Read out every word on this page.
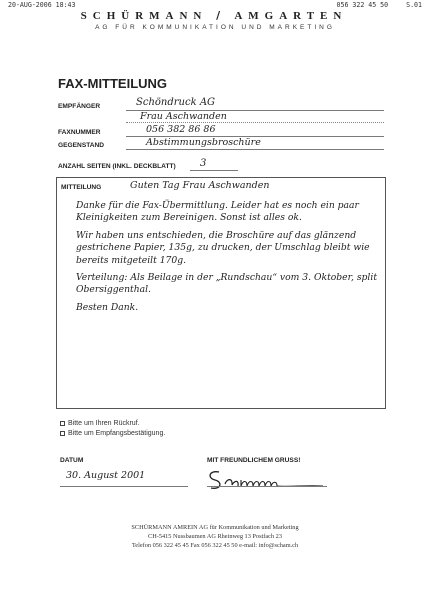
20-AUG-2006 18:43	056 322 45 50	S.01
SCHÜRMANN / AMGARTEN
AG FÜR KOMMUNIKATION UND MARKETING
FAX-MITTEILUNG
EMPFÄNGER	Schöndruck AG
Frau Aschwanden
FAXNUMMER	056 382 86 86
GEGENSTAND	Abstimmungsbroschüre
ANZAHL SEITEN (INKL. DECKBLATT) 3
MITTEILUNG	Guten Tag Frau Aschwanden

Danke für die Fax-Übermittlung. Leider hat es noch ein paar Kleinigkeiten zum Bereinigen. Sonst ist alles ok.

Wir haben uns entschieden, die Broschüre auf das glänzend gestrichene Papier, 135g, zu drucken, der Umschlag bleibt wie bereits mitgeteilt 170g.

Verteilung: Als Beilage in der „Rundschau“ vom 3. Oktober, split Obersiggenthal.

Besten Dank.

Bitte um Ihren Rückruf.
Bitte um Empfangsbestätigung.
DATUM
30. August 2001
MIT FREUNDLICHEM GRUSS!
SCHÜRMANN AMREIN AG für Kommunikation und Marketing
CH-5415 Nussbaumen AG Rheinweg 13 Postfach 23
Telefon 056 322 45 45 Fax 056 322 45 50 e-mail: info@scham.ch
